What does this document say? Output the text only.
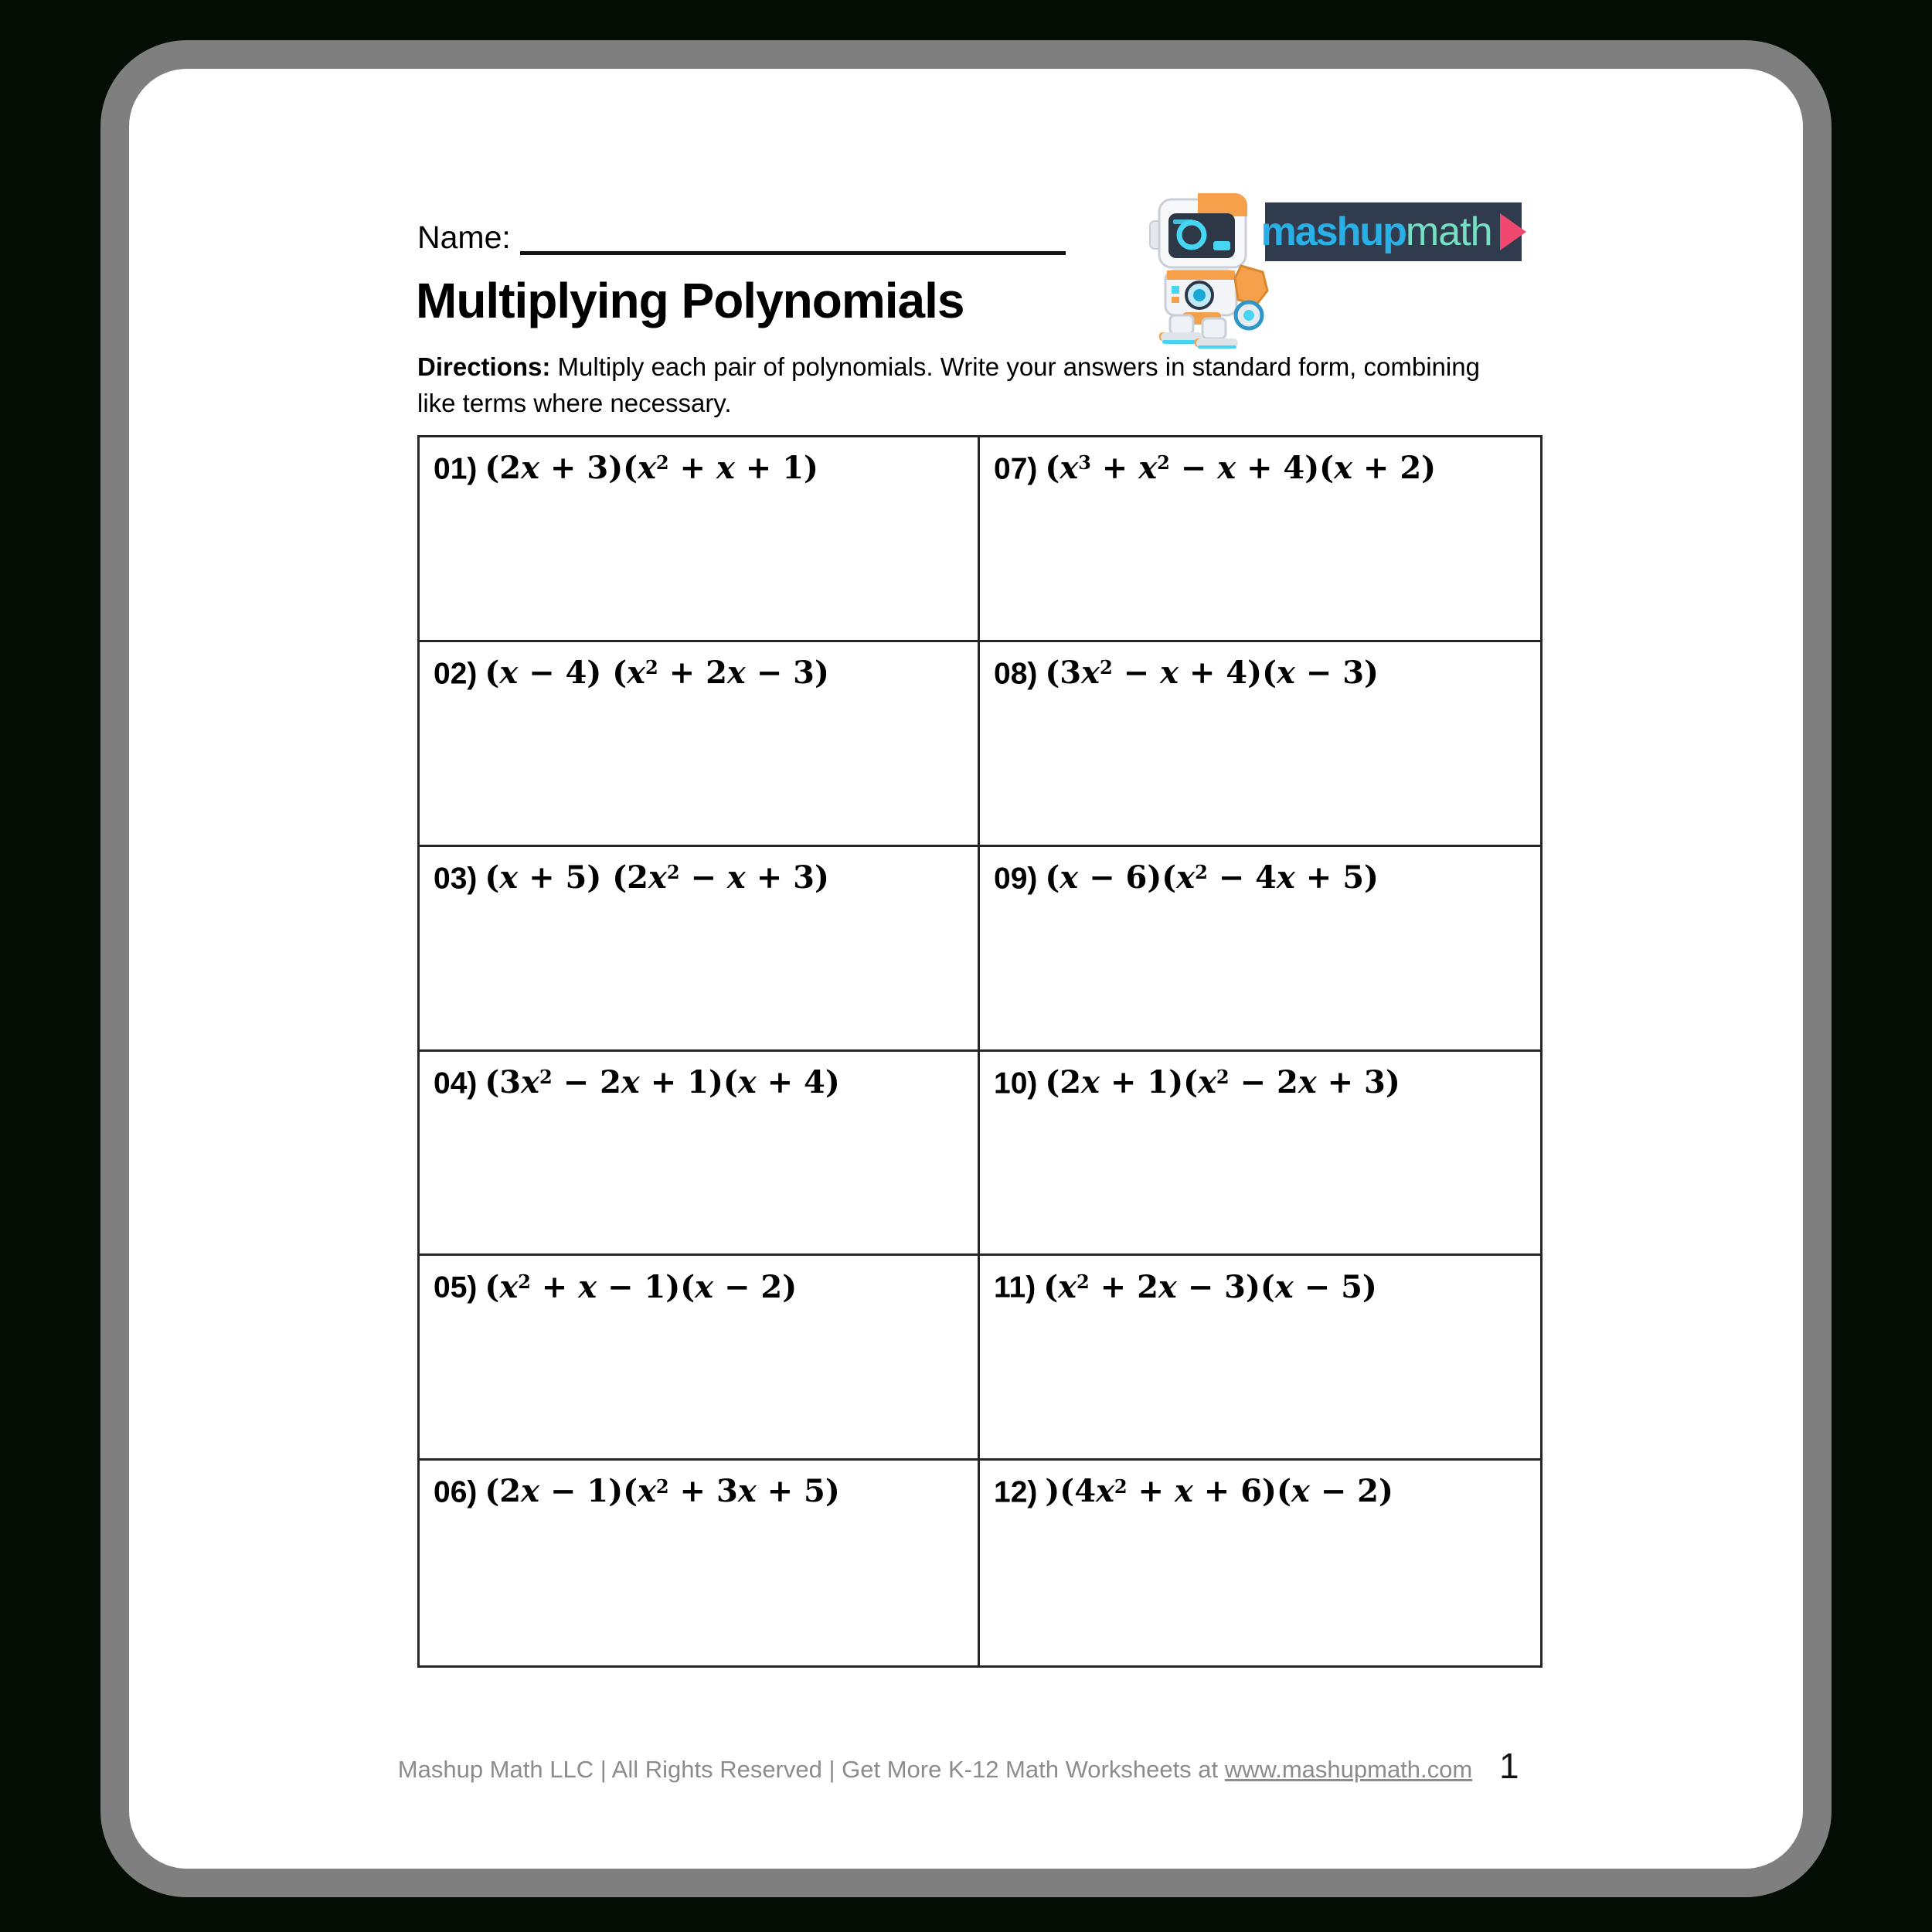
Name:	mashup math
Multiplying Polynomials
Directions: Multiply each pair of polynomials. Write your answers in standard form, combining
like terms where necessary.
01) $(2x + 3)(x^2 + x + 1)$
02) (x − 4) $(x^2 + 2x - 3)$
03) (x + 5) $(2x^2 - x + 3)$
04) $(3x^2 - 2x + 1)(x + 4)$
05) $(x^2 + x - 1)(x - 2)$
06) $(2x - 1)(x^2 + 3x + 5)$
07) $(x^3 + x^2 - x + 4)(x + 2)$
08) $(3x^2 - x + 4)(x - 3)$
09) $(x - 6)(x^2 - 4x + 5)$
10) $(2x + 1)(x^2 - 2x + 3)$
11) $(x^2 + 2x - 3)(x - 5)$
12) )$(4x^2 + x + 6)(x - 2)$
Mashup Math LLC | All Rights Reserved | Get More K-12 Math Worksheets at www.mashupmath.com 1
